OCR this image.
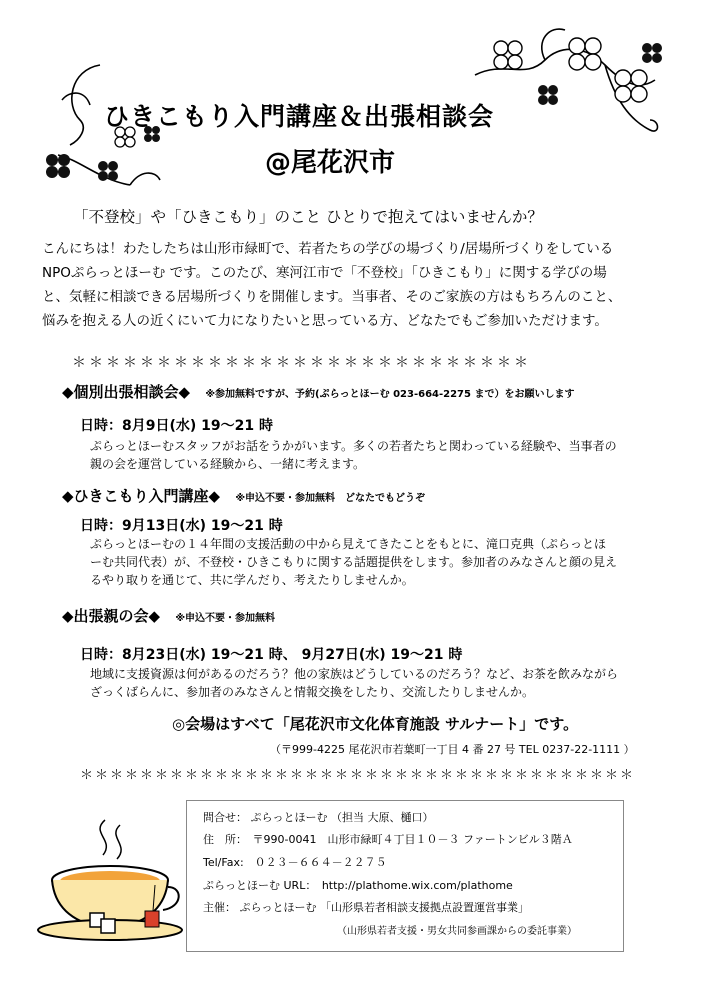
ひきこもり入門講座＆出張相談会
@尾花沢市
「不登校」や「ひきこもり」のこと ひとりで抱えてはいませんか？
こんにちは！わたしたちは山形市緑町で、若者たちの学びの場づくり/居場所づくりをしている
NPOぷらっとほーむ です。このたび、寒河江市で「不登校」「ひきこもり」に関する学びの場
と、気軽に相談できる居場所づくりを開催します。当事者、そのご家族の方はもちろんのこと、
悩みを抱える人の近くにいて力になりたいと思っている方、どなたでもご参加いただけます。
＊＊＊＊＊＊＊＊＊＊＊＊＊＊＊＊＊＊＊＊＊＊＊＊＊＊＊
◆個別出張相談会◆ ※参加無料ですが、予約(ぷらっとほーむ 023-664-2275 まで）をお願いします
日時：8月9日(水) 19～21 時
ぷらっとほーむスタッフがお話をうかがいます。多くの若者たちと関わっている経験や、当事者の
親の会を運営している経験から、一緒に考えます。
◆ひきこもり入門講座◆ ※申込不要・参加無料　どなたでもどうぞ
日時：9月13日(水) 19～21 時
ぷらっとほーむの１４年間の支援活動の中から見えてきたことをもとに、滝口克典（ぷらっとほ
ーむ共同代表）が、不登校・ひきこもりに関する話題提供をします。参加者のみなさんと顔の見え
るやり取りを通じて、共に学んだり、考えたりしませんか。
◆出張親の会◆ ※申込不要・参加無料
日時：8月23日(水) 19～21 時、 9月27日(水) 19～21 時
地域に支援資源は何があるのだろう？他の家族はどうしているのだろう？など、お茶を飲みながら
ざっくばらんに、参加者のみなさんと情報交換をしたり、交流したりしませんか。
◎会場はすべて「尾花沢市文化体育施設 サルナート」です。
（〒999-4225 尾花沢市若葉町一丁目 4 番 27 号 TEL 0237-22-1111 ）
＊＊＊＊＊＊＊＊＊＊＊＊＊＊＊＊＊＊＊＊＊＊＊＊＊＊＊＊＊＊＊＊＊＊＊＊＊
問合せ： ぷらっとほーむ （担当 大原、樋口）
住　所：　〒990-0041　山形市緑町４丁目１０－３ ファートンビル３階Ａ
Tel/Fax:　０２３－６６４－２２７５
ぷらっとほーむ URL：　http://plathome.wix.com/plathome
主催： ぷらっとほーむ 「山形県若者相談支援拠点設置運営事業」
（山形県若者支援・男女共同参画課からの委託事業）
